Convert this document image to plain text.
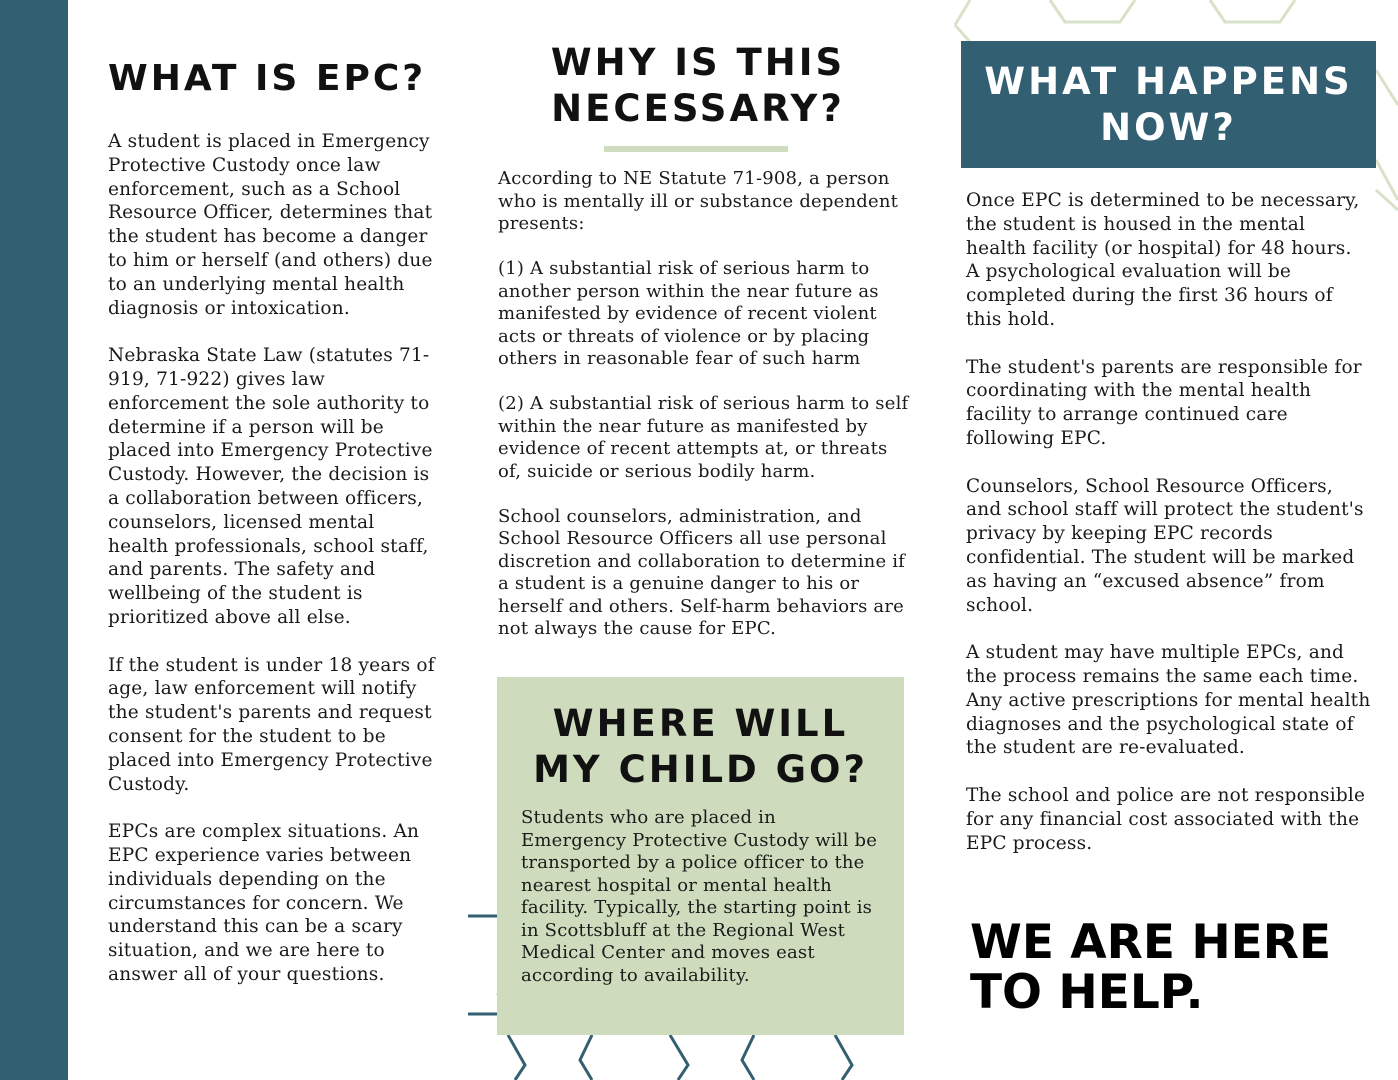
WHAT IS EPC?

A student is placed in Emergency Protective Custody once law enforcement, such as a School Resource Officer, determines that the student has become a danger to him or herself (and others) due to an underlying mental health diagnosis or intoxication.

Nebraska State Law (statutes 71-919, 71-922) gives law enforcement the sole authority to determine if a person will be placed into Emergency Protective Custody. However, the decision is a collaboration between officers, counselors, licensed mental health professionals, school staff, and parents. The safety and wellbeing of the student is prioritized above all else.

If the student is under 18 years of age, law enforcement will notify the student's parents and request consent for the student to be placed into Emergency Protective Custody.

EPCs are complex situations. An EPC experience varies between individuals depending on the circumstances for concern. We understand this can be a scary situation, and we are here to answer all of your questions.

WHY IS THIS
NECESSARY?

According to NE Statute 71-908, a person who is mentally ill or substance dependent presents:

(1) A substantial risk of serious harm to another person within the near future as manifested by evidence of recent violent acts or threats of violence or by placing others in reasonable fear of such harm

(2) A substantial risk of serious harm to self within the near future as manifested by evidence of recent attempts at, or threats of, suicide or serious bodily harm.

School counselors, administration, and School Resource Officers all use personal discretion and collaboration to determine if a student is a genuine danger to his or herself and others. Self-harm behaviors are not always the cause for EPC.

WHERE WILL
MY CHILD GO?

Students who are placed in Emergency Protective Custody will be transported by a police officer to the nearest hospital or mental health facility. Typically, the starting point is in Scottsbluff at the Regional West Medical Center and moves east according to availability.

WHAT HAPPENS
NOW?

Once EPC is determined to be necessary, the student is housed in the mental health facility (or hospital) for 48 hours. A psychological evaluation will be completed during the first 36 hours of this hold.

The student's parents are responsible for coordinating with the mental health facility to arrange continued care following EPC.

Counselors, School Resource Officers, and school staff will protect the student's privacy by keeping EPC records confidential. The student will be marked as having an “excused absence” from school.

A student may have multiple EPCs, and the process remains the same each time. Any active prescriptions for mental health diagnoses and the psychological state of the student are re-evaluated.

The school and police are not responsible for any financial cost associated with the EPC process.

WE ARE HERE
TO HELP.
